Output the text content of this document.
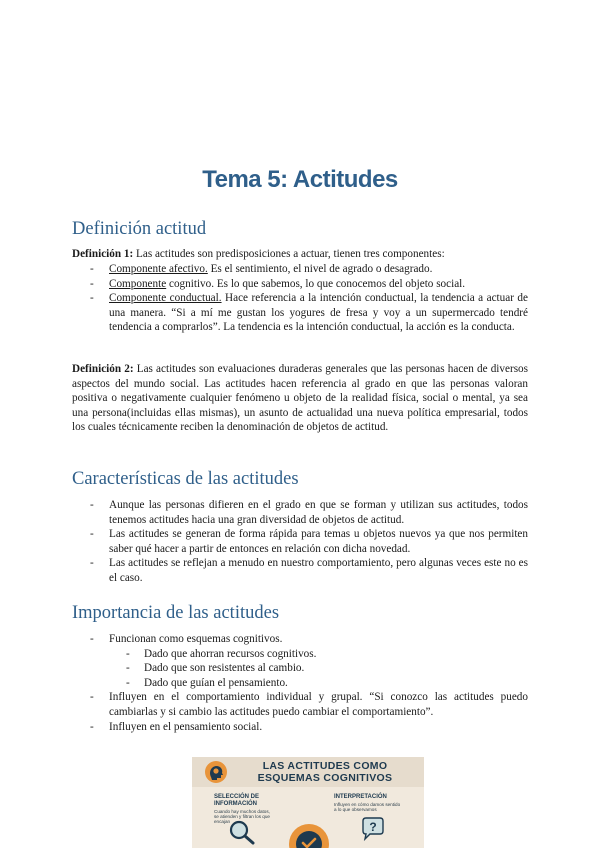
Tema 5: Actitudes
Definición actitud

Definición 1: Las actitudes son predisposiciones a actuar, tienen tres componentes:

- Componente afectivo. Es el sentimiento, el nivel de agrado o desagrado.
- Componente cognitivo. Es lo que sabemos, lo que conocemos del objeto social.
- Componente conductual. Hace referencia a la intención conductual, la tendencia a actuar de una manera. “Si a mí me gustan los yogures de fresa y voy a un supermercado tendré tendencia a comprarlos”. La tendencia es la intención conductual, la acción es la conducta.

Definición 2: Las actitudes son evaluaciones duraderas generales que las personas hacen de diversos aspectos del mundo social. Las actitudes hacen referencia al grado en que las personas valoran positiva o negativamente cualquier fenómeno u objeto de la realidad física, social o mental, ya sea una persona(incluidas ellas mismas), un asunto de actualidad una nueva política empresarial, todos los cuales técnicamente reciben la denominación de objetos de actitud.

Características de las actitudes
- Aunque las personas difieren en el grado en que se forman y utilizan sus actitudes, todos tenemos actitudes hacia una gran diversidad de objetos de actitud.
- Las actitudes se generan de forma rápida para temas u objetos nuevos ya que nos permiten saber qué hacer a partir de entonces en relación con dicha novedad.
- Las actitudes se reflejan a menudo en nuestro comportamiento, pero algunas veces este no es el caso.
Importancia de las actitudes
- Funcionan como esquemas cognitivos.
- Dado que ahorran recursos cognitivos.
- Dado que son resistentes al cambio.
- Dado que guían el pensamiento.
- Influyen en el comportamiento individual y grupal. “Si conozco las actitudes puedo cambiarlas y si cambio las actitudes puedo cambiar el comportamiento”.
- Influyen en el pensamiento social.
LAS ACTITUDES COMO
ESQUEMAS COGNITIVOS
SELECCIÓN DE
INFORMACIÓN
Cuando hay muchos datos, se atienden y filtran los que encajan
INTERPRETACIÓN
Influyen en cómo damos sentido a lo que observamos
?
